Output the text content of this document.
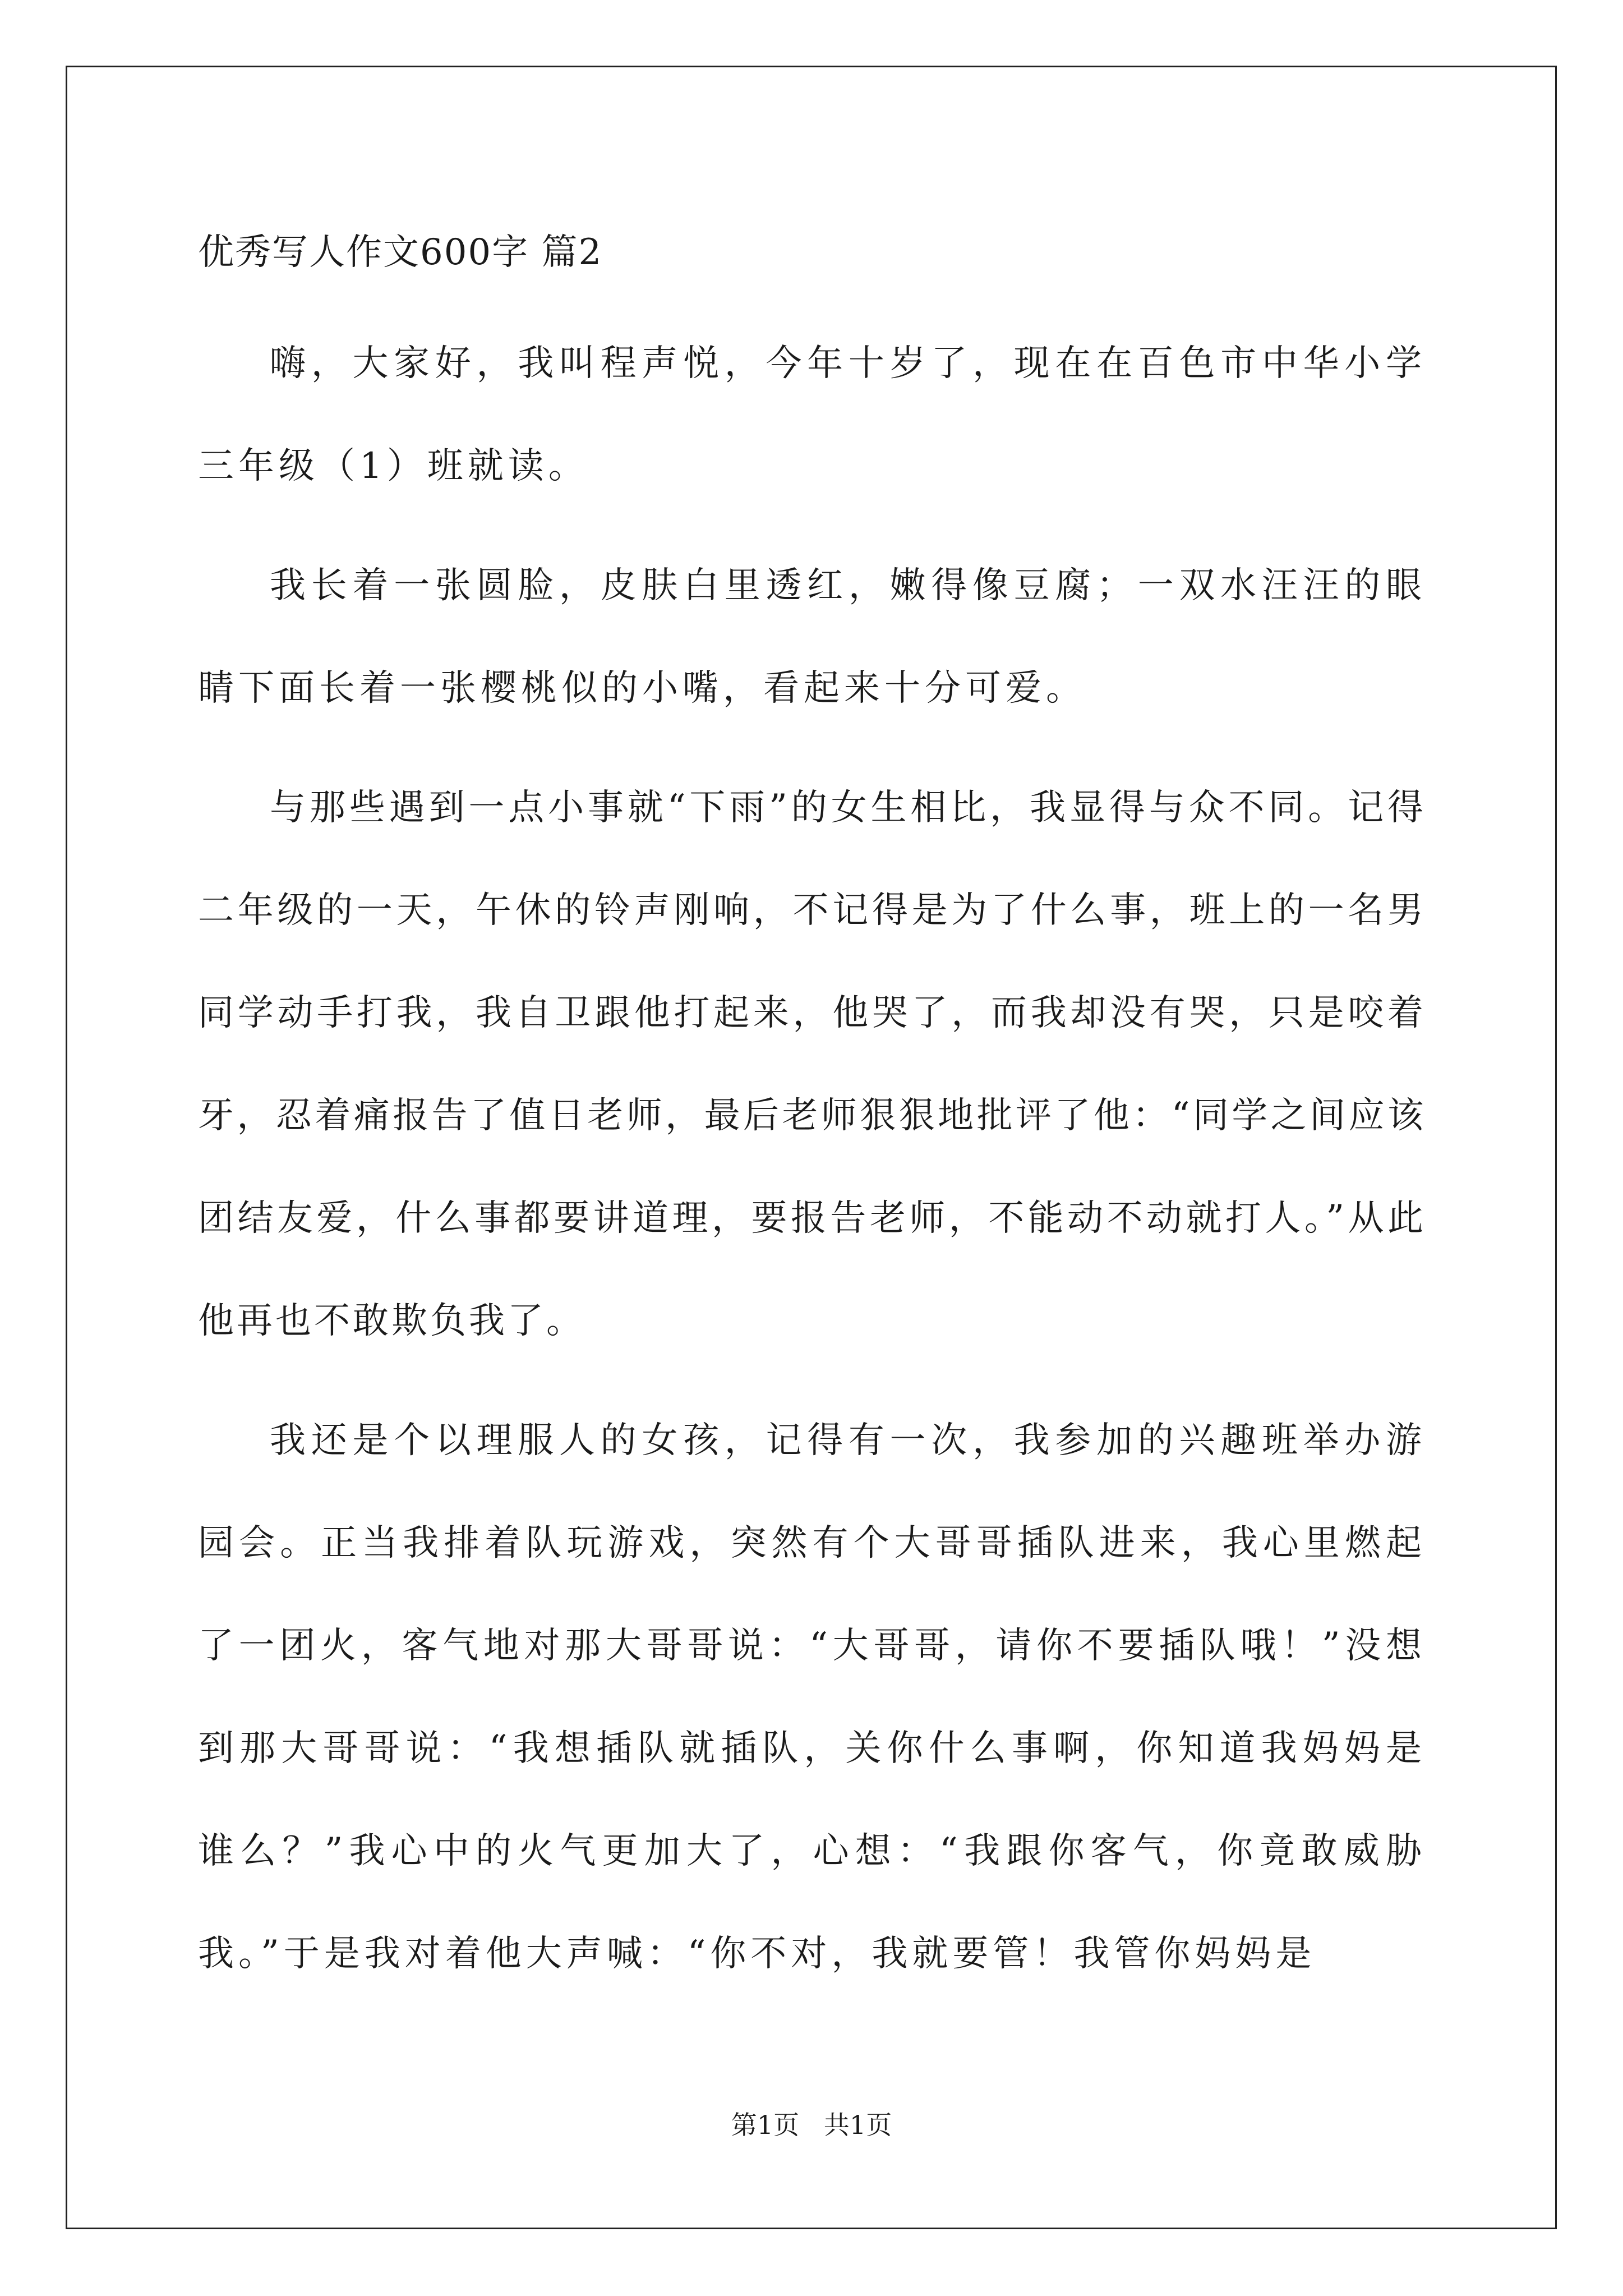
优秀写人作文600字 篇2

嗨，大家好，我叫程声悦，今年十岁了，现在在百色市中华小学三年级（1）班就读。

我长着一张圆脸，皮肤白里透红，嫩得像豆腐；一双水汪汪的眼睛下面长着一张樱桃似的小嘴，看起来十分可爱。

与那些遇到一点小事就“下雨”的女生相比，我显得与众不同。记得二年级的一天，午休的铃声刚响，不记得是为了什么事，班上的一名男同学动手打我，我自卫跟他打起来，他哭了，而我却没有哭，只是咬着牙，忍着痛报告了值日老师，最后老师狠狠地批评了他：“同学之间应该团结友爱，什么事都要讲道理，要报告老师，不能动不动就打人。”从此他再也不敢欺负我了。

我还是个以理服人的女孩，记得有一次，我参加的兴趣班举办游园会。正当我排着队玩游戏，突然有个大哥哥插队进来，我心里燃起了一团火，客气地对那大哥哥说：“大哥哥，请你不要插队哦！”没想到那大哥哥说：“我想插队就插队，关你什么事啊，你知道我妈妈是谁么？”我心中的火气更加大了，心想：“我跟你客气，你竟敢威胁我。”于是我对着他大声喊：“你不对，我就要管！我管你妈妈是

第1页   共1页
